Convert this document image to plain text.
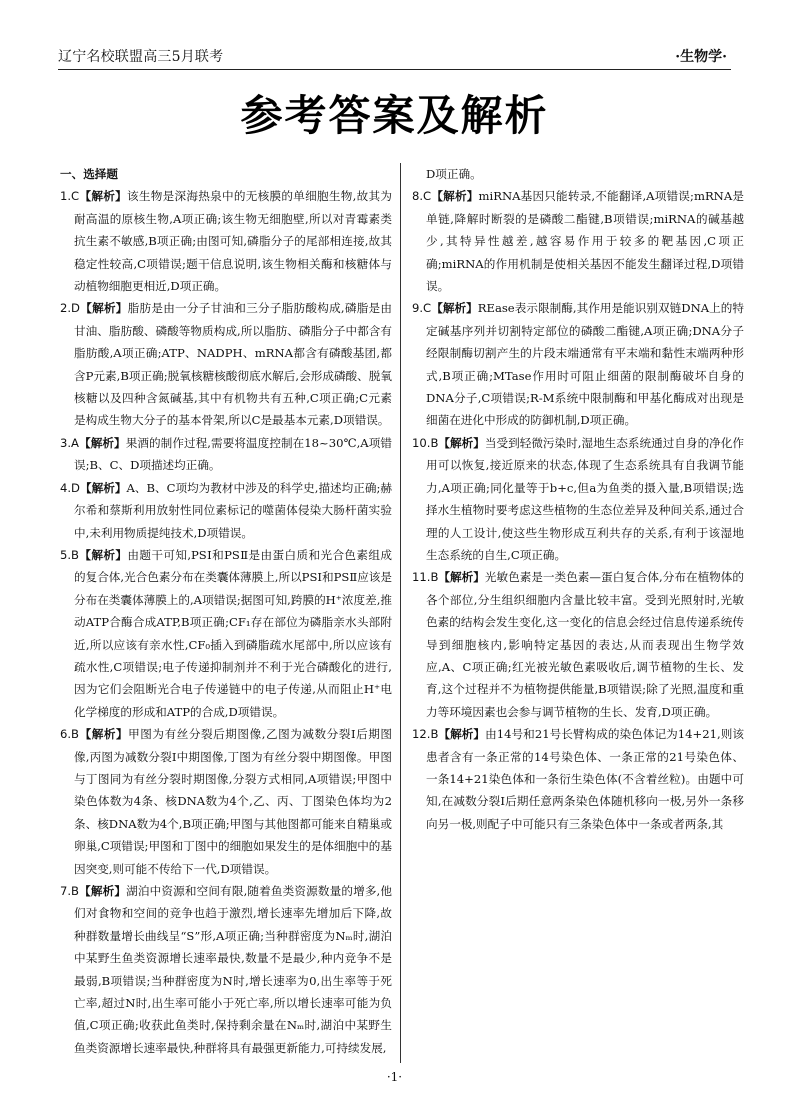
辽宁名校联盟高三5月联考	·生物学·
参考答案及解析
一、选择题

1.C【解析】该生物是深海热泉中的无核膜的单细胞生物,故其为耐高温的原核生物,A项正确;该生物无细胞壁,所以对青霉素类抗生素不敏感,B项正确;由图可知,磷脂分子的尾部相连接,故其稳定性较高,C项错误;题干信息说明,该生物相关酶和核糖体与动植物细胞更相近,D项正确。

2.D【解析】脂肪是由一分子甘油和三分子脂肪酸构成,磷脂是由甘油、脂肪酸、磷酸等物质构成,所以脂肪、磷脂分子中都含有脂肪酸,A项正确;ATP、NADPH、mRNA都含有磷酸基团,都含P元素,B项正确;脱氧核糖核酸彻底水解后,会形成磷酸、脱氧核糖以及四种含氮碱基,其中有机物共有五种,C项正确;C元素是构成生物大分子的基本骨架,所以C是最基本元素,D项错误。

3.A【解析】果酒的制作过程,需要将温度控制在18~30℃,A项错误;B、C、D项描述均正确。

4.D【解析】A、B、C项均为教材中涉及的科学史,描述均正确;赫尔希和蔡斯利用放射性同位素标记的噬菌体侵染大肠杆菌实验中,未利用物质提纯技术,D项错误。

5.B【解析】由题干可知,PSⅠ和PSⅡ是由蛋白质和光合色素组成的复合体,光合色素分布在类囊体薄膜上,所以PSⅠ和PSⅡ应该是分布在类囊体薄膜上的,A项错误;据图可知,跨膜的H⁺浓度差,推动ATP合酶合成ATP,B项正确;CF₁存在部位为磷脂亲水头部附近,所以应该有亲水性,CF₀插入到磷脂疏水尾部中,所以应该有疏水性,C项错误;电子传递抑制剂并不利于光合磷酸化的进行,因为它们会阻断光合电子传递链中的电子传递,从而阻止H⁺电化学梯度的形成和ATP的合成,D项错误。

6.B【解析】甲图为有丝分裂后期图像,乙图为减数分裂Ⅰ后期图像,丙图为减数分裂Ⅰ中期图像,丁图为有丝分裂中期图像。甲图与丁图同为有丝分裂时期图像,分裂方式相同,A项错误;甲图中染色体数为4条、核DNA数为4个,乙、丙、丁图染色体均为2条、核DNA数为4个,B项正确;甲图与其他图都可能来自精巢或卵巢,C项错误;甲图和丁图中的细胞如果发生的是体细胞中的基因突变,则可能不传给下一代,D项错误。

7.B【解析】湖泊中资源和空间有限,随着鱼类资源数量的增多,他们对食物和空间的竞争也趋于激烈,增长速率先增加后下降,故种群数量增长曲线呈“S”形,A项正确;当种群密度为Nₘ时,湖泊中某野生鱼类资源增长速率最快,数量不是最少,种内竞争不是最弱,B项错误;当种群密度为N时,增长速率为0,出生率等于死亡率,超过N时,出生率可能小于死亡率,所以增长速率可能为负值,C项正确;收获此鱼类时,保持剩余量在Nₘ时,湖泊中某野生鱼类资源增长速率最快,种群将具有最强更新能力,可持续发展,

D项正确。

8.C【解析】miRNA基因只能转录,不能翻译,A项错误;mRNA是单链,降解时断裂的是磷酸二酯键,B项错误;miRNA的碱基越少,其特异性越差,越容易作用于较多的靶基因,C项正确;miRNA的作用机制是使相关基因不能发生翻译过程,D项错误。

9.C【解析】REase表示限制酶,其作用是能识别双链DNA上的特定碱基序列并切割特定部位的磷酸二酯键,A项正确;DNA分子经限制酶切割产生的片段末端通常有平末端和黏性末端两种形式,B项正确;MTase作用时可阻止细菌的限制酶破坏自身的DNA分子,C项错误;R-M系统中限制酶和甲基化酶成对出现是细菌在进化中形成的防御机制,D项正确。

10.B【解析】当受到轻微污染时,湿地生态系统通过自身的净化作用可以恢复,接近原来的状态,体现了生态系统具有自我调节能力,A项正确;同化量等于b+c,但a为鱼类的摄入量,B项错误;选择水生植物时要考虑这些植物的生态位差异及种间关系,通过合理的人工设计,使这些生物形成互利共存的关系,有利于该湿地生态系统的自生,C项正确。

11.B【解析】光敏色素是一类色素—蛋白复合体,分布在植物体的各个部位,分生组织细胞内含量比较丰富。受到光照射时,光敏色素的结构会发生变化,这一变化的信息会经过信息传递系统传导到细胞核内,影响特定基因的表达,从而表现出生物学效应,A、C项正确;红光被光敏色素吸收后,调节植物的生长、发育,这个过程并不为植物提供能量,B项错误;除了光照,温度和重力等环境因素也会参与调节植物的生长、发育,D项正确。

12.B【解析】由14号和21号长臂构成的染色体记为14+21,则该患者含有一条正常的14号染色体、一条正常的21号染色体、一条14+21染色体和一条衍生染色体(不含着丝粒)。由题中可知,在减数分裂Ⅰ后期任意两条染色体随机移向一极,另外一条移向另一极,则配子中可能只有三条染色体中一条或者两条,其

·1·
